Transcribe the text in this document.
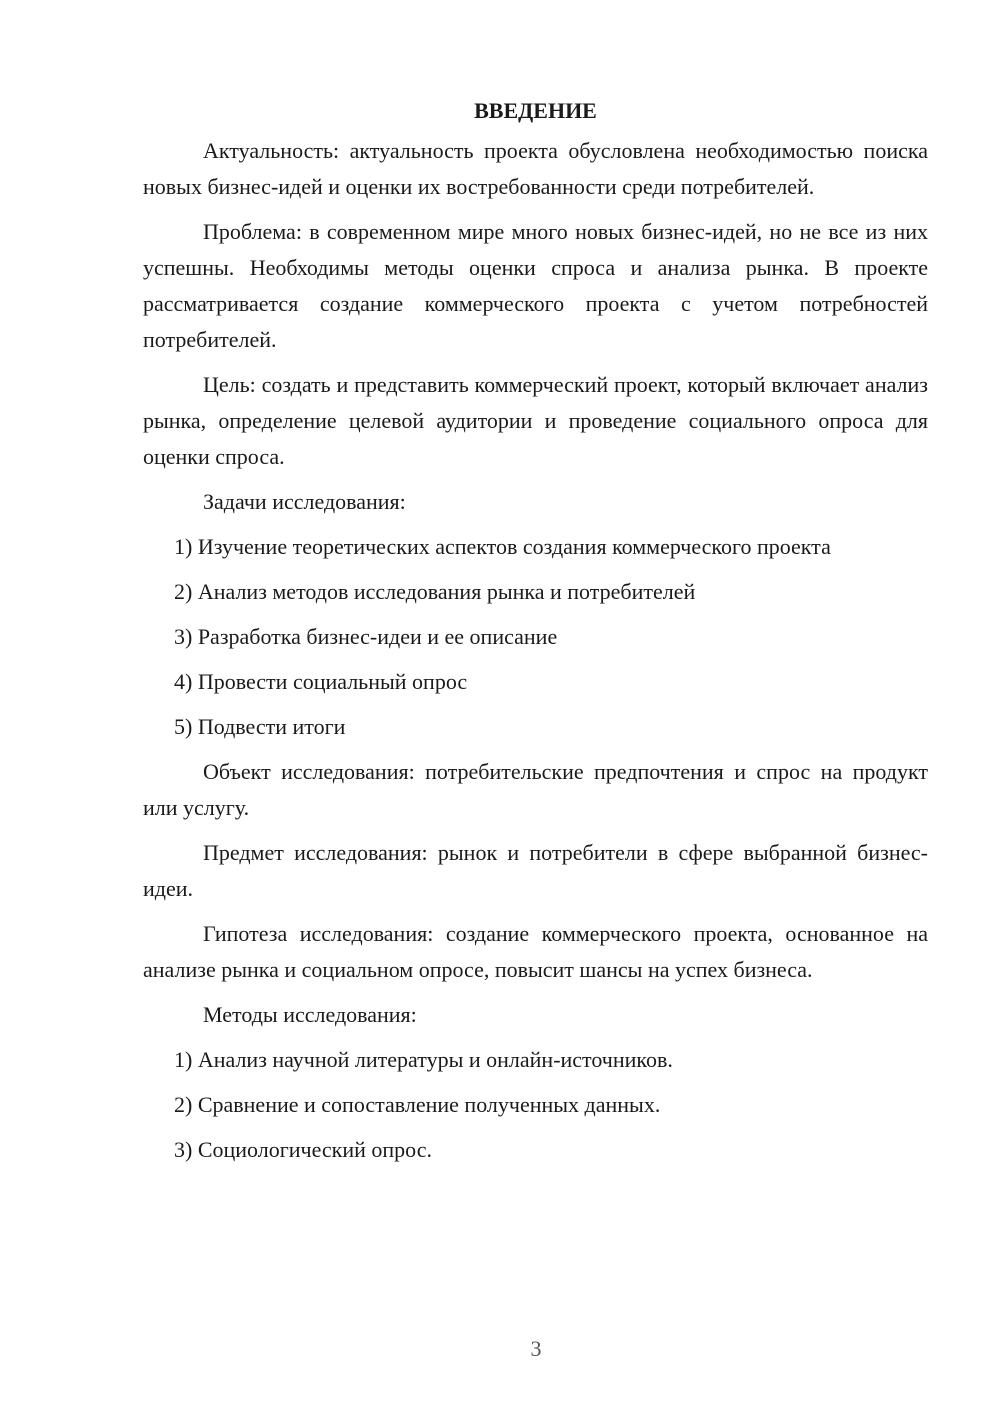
ВВЕДЕНИЕ

Актуальность: актуальность проекта обусловлена необходимостью поиска новых бизнес-идей и оценки их востребованности среди потребителей.

Проблема: в современном мире много новых бизнес-идей, но не все из них успешны. Необходимы методы оценки спроса и анализа рынка. В проекте рассматривается создание коммерческого проекта с учетом потребностей потребителей.

Цель: создать и представить коммерческий проект, который включает анализ рынка, определение целевой аудитории и проведение социального опроса для оценки спроса.

Задачи исследования:

1) Изучение теоретических аспектов создания коммерческого проекта
2) Анализ методов исследования рынка и потребителей
3) Разработка бизнес-идеи и ее описание
4) Провести социальный опрос
5) Подвести итоги

Объект исследования: потребительские предпочтения и спрос на продукт или услугу.

Предмет исследования: рынок и потребители в сфере выбранной бизнес-идеи.

Гипотеза исследования: создание коммерческого проекта, основанное на анализе рынка и социальном опросе, повысит шансы на успех бизнеса.

Методы исследования:

1) Анализ научной литературы и онлайн-источников.
2) Сравнение и сопоставление полученных данных.
3) Социологический опрос.
3
